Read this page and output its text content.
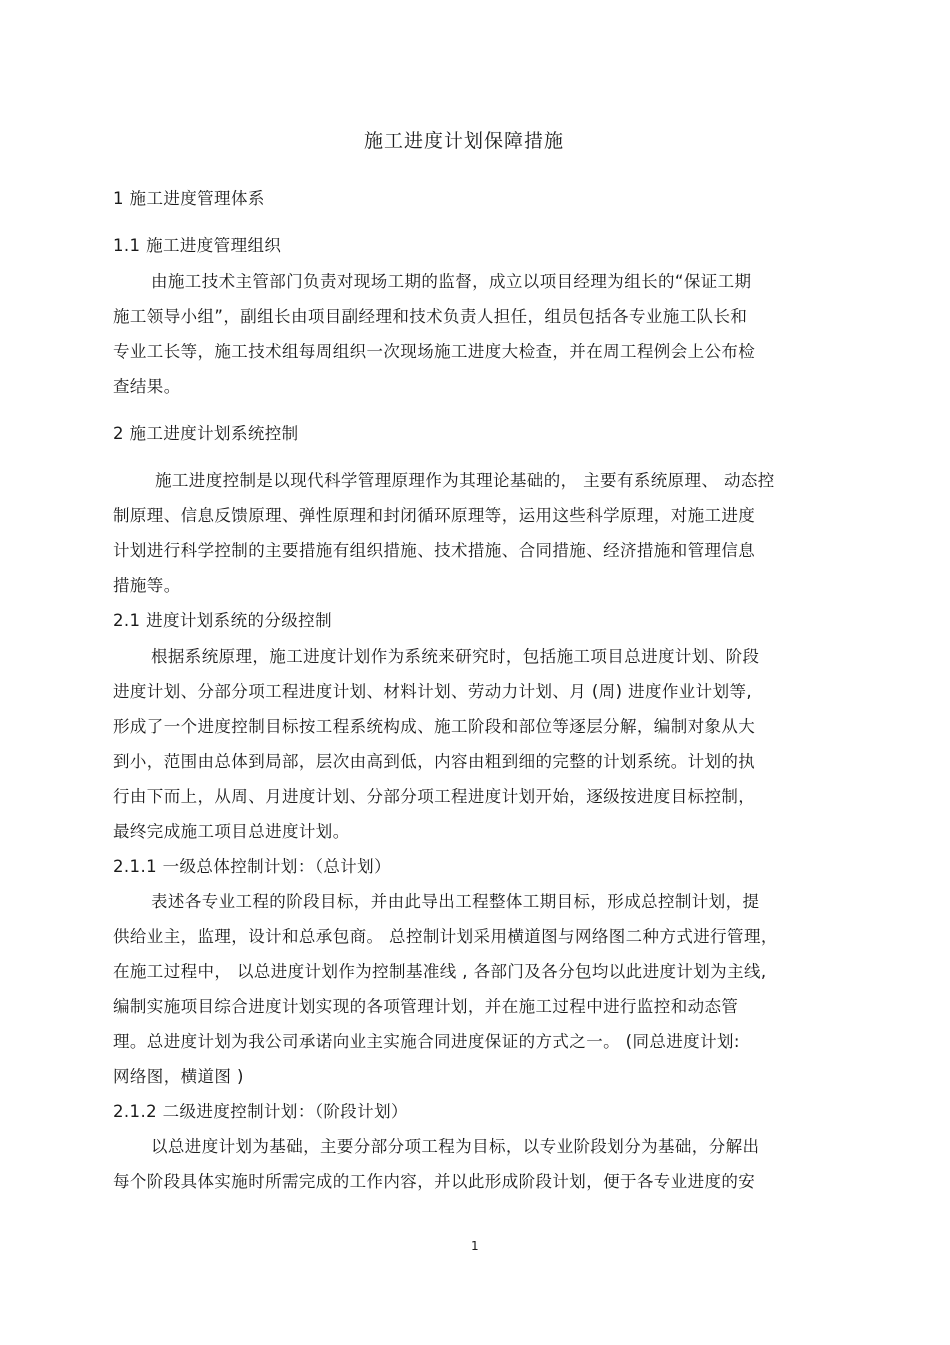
施工进度计划保障措施
1 施工进度管理体系
1.1 施工进度管理组织
由施工技术主管部门负责对现场工期的监督，成立以项目经理为组长的“保证工期
施工领导小组”，副组长由项目副经理和技术负责人担任，组员包括各专业施工队长和
专业工长等，施工技术组每周组织一次现场施工进度大检查，并在周工程例会上公布检
查结果。
2 施工进度计划系统控制
施工进度控制是以现代科学管理原理作为其理论基础的， 主要有系统原理、 动态控
制原理、信息反馈原理、弹性原理和封闭循环原理等，运用这些科学原理，对施工进度
计划进行科学控制的主要措施有组织措施、技术措施、合同措施、经济措施和管理信息
措施等。
2.1 进度计划系统的分级控制
根据系统原理，施工进度计划作为系统来研究时，包括施工项目总进度计划、阶段
进度计划、分部分项工程进度计划、材料计划、劳动力计划、月 (周) 进度作业计划等,
形成了一个进度控制目标按工程系统构成、施工阶段和部位等逐层分解，编制对象从大
到小，范围由总体到局部，层次由高到低，内容由粗到细的完整的计划系统。计划的执
行由下而上，从周、月进度计划、分部分项工程进度计划开始，逐级按进度目标控制，
最终完成施工项目总进度计划。
2.1.1 一级总体控制计划：（总计划）
表述各专业工程的阶段目标，并由此导出工程整体工期目标，形成总控制计划，提
供给业主，监理，设计和总承包商。 总控制计划采用横道图与网络图二种方式进行管理，
在施工过程中， 以总进度计划作为控制基准线 , 各部门及各分包均以此进度计划为主线,
编制实施项目综合进度计划实现的各项管理计划，并在施工过程中进行监控和动态管
理。总进度计划为我公司承诺向业主实施合同进度保证的方式之一。 (同总进度计划:
网络图，横道图 )
2.1.2 二级进度控制计划：（阶段计划）
以总进度计划为基础，主要分部分项工程为目标，以专业阶段划分为基础，分解出
每个阶段具体实施时所需完成的工作内容，并以此形成阶段计划，便于各专业进度的安
1
